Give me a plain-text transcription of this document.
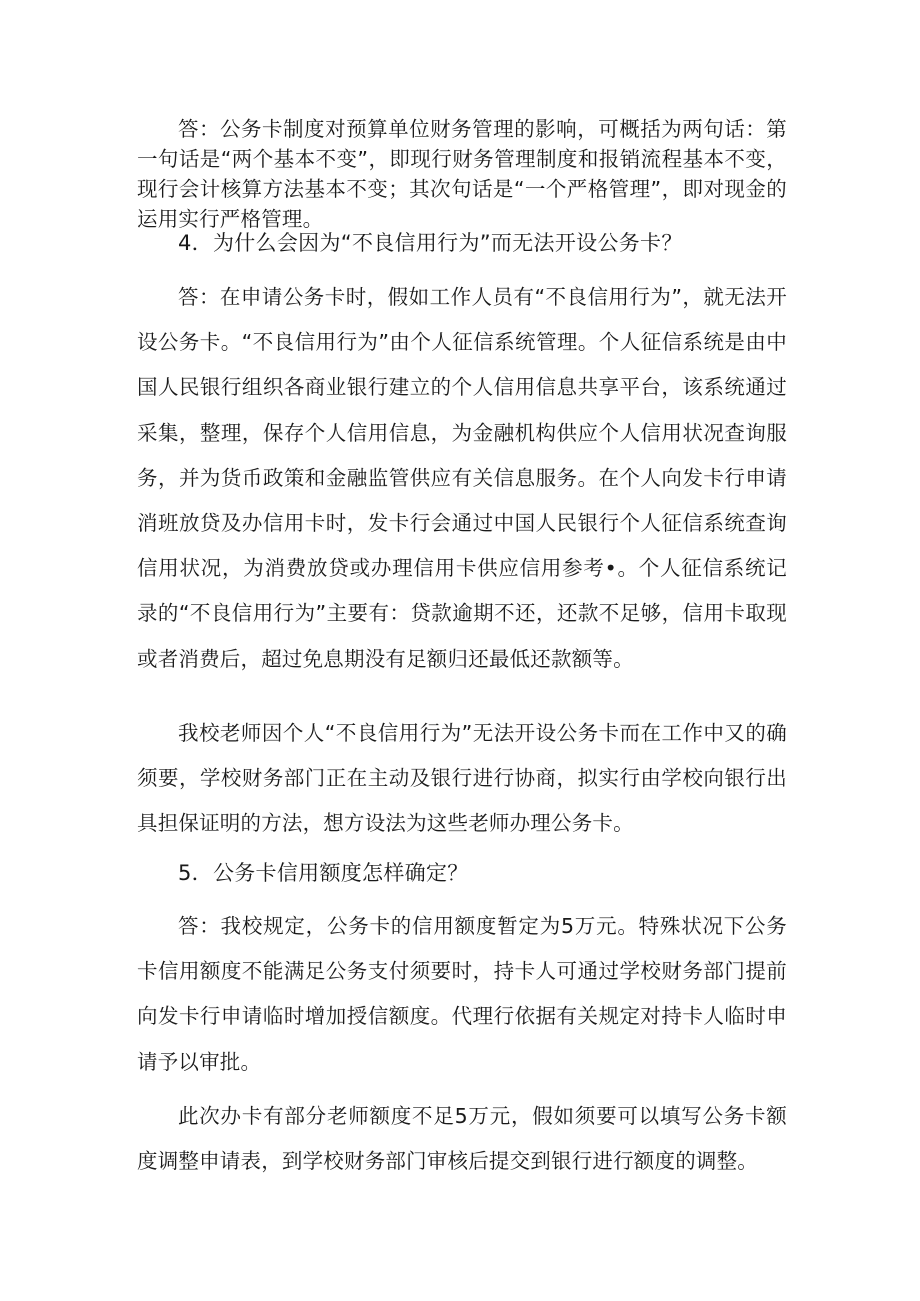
答：公务卡制度对预算单位财务管理的影响，可概括为两句话：第一句话是“两个基本不变”，即现行财务管理制度和报销流程基本不变，现行会计核算方法基本不变；其次句话是“一个严格管理”，即对现金的运用实行严格管理。

4．为什么会因为“不良信用行为”而无法开设公务卡？

答：在申请公务卡时，假如工作人员有“不良信用行为”，就无法开设公务卡。“不良信用行为”由个人征信系统管理。个人征信系统是由中国人民银行组织各商业银行建立的个人信用信息共享平台，该系统通过采集，整理，保存个人信用信息，为金融机构供应个人信用状况查询服务，并为货币政策和金融监管供应有关信息服务。在个人向发卡行申请消班放贷及办信用卡时，发卡行会通过中国人民银行个人征信系统查询信用状况，为消费放贷或办理信用卡供应信用参考•。个人征信系统记录的“不良信用行为”主要有：贷款逾期不还，还款不足够，信用卡取现或者消费后，超过免息期没有足额归还最低还款额等。

我校老师因个人“不良信用行为”无法开设公务卡而在工作中又的确须要，学校财务部门正在主动及银行进行协商，拟实行由学校向银行出具担保证明的方法，想方设法为这些老师办理公务卡。

5．公务卡信用额度怎样确定？

答：我校规定，公务卡的信用额度暂定为5万元。特殊状况下公务卡信用额度不能满足公务支付须要时，持卡人可通过学校财务部门提前向发卡行申请临时增加授信额度。代理行依据有关规定对持卡人临时申请予以审批。

此次办卡有部分老师额度不足5万元，假如须要可以填写公务卡额度调整申请表，到学校财务部门审核后提交到银行进行额度的调整。
